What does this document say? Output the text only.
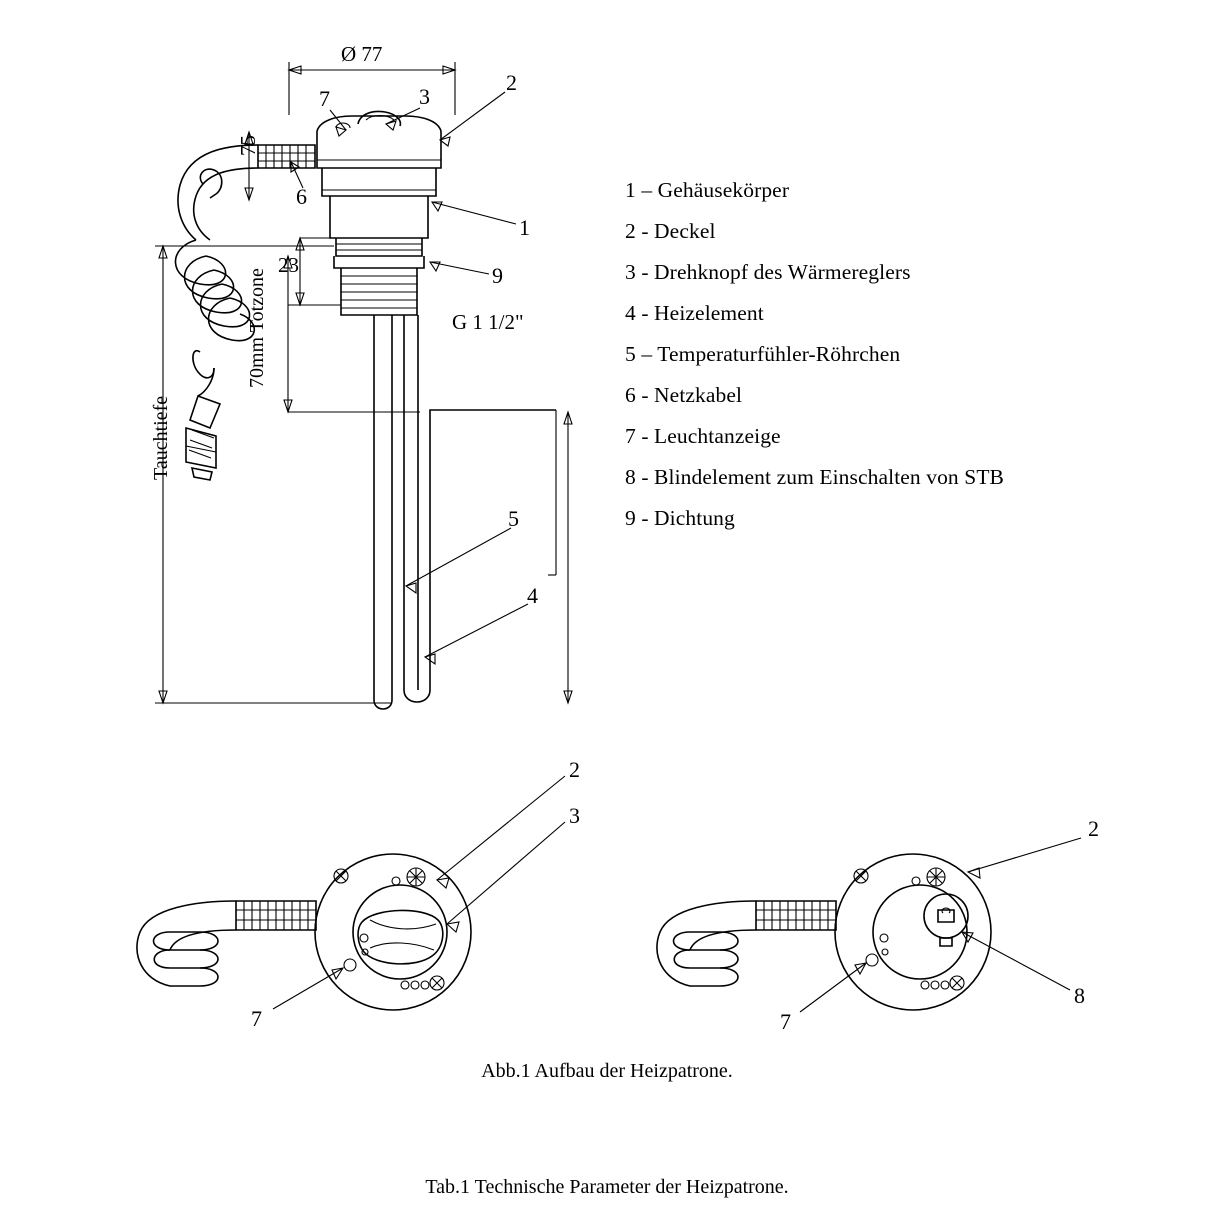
Ø 77
75
23
G 1 1/2"
70mm Totzone
Tauchtiefe
7	3
2
6
1
9
5
4
2
3
7
2
8
7
1 – Gehäusekörper
2 - Deckel
3 - Drehknopf des Wärmereglers
4 - Heizelement
5 – Temperaturfühler-Röhrchen
6 - Netzkabel
7 - Leuchtanzeige
8 - Blindelement zum Einschalten von STB
9 - Dichtung
Abb.1 Aufbau der Heizpatrone.
Tab.1 Technische Parameter der Heizpatrone.
